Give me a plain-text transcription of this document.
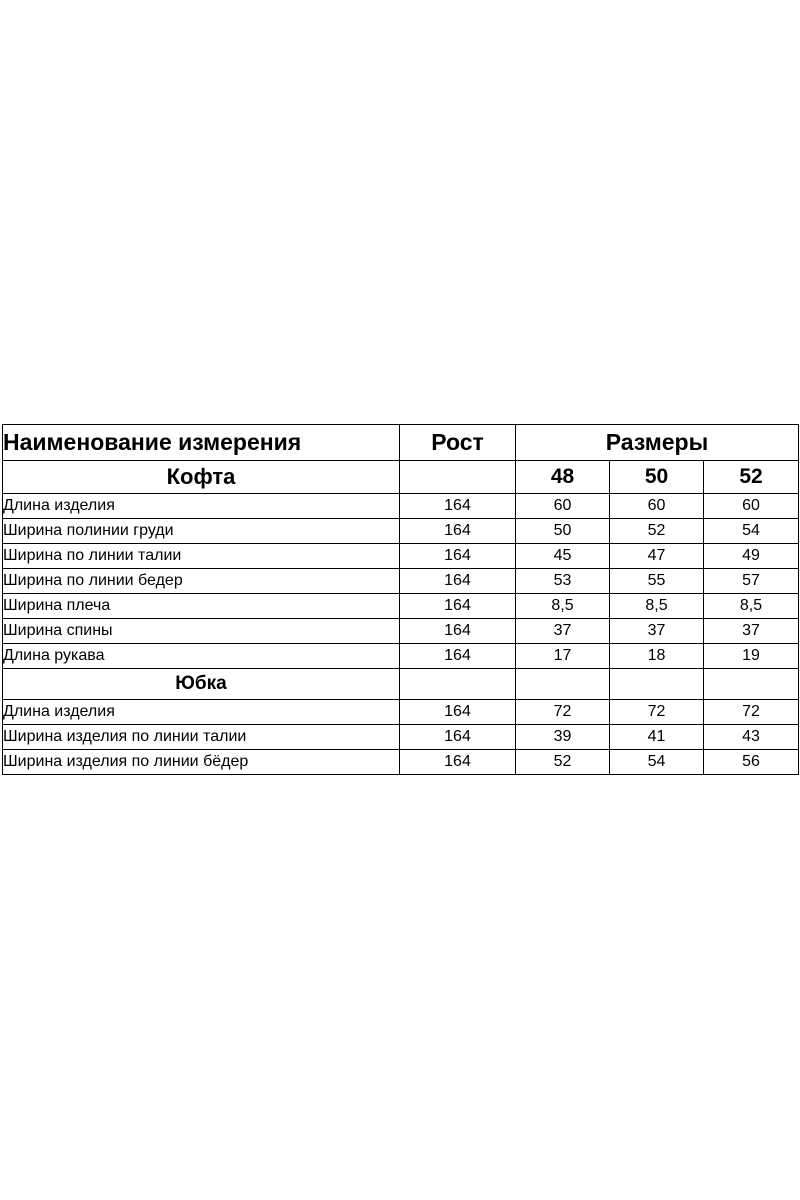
Наименование измерения	Рост	Размеры		
Кофта		48	50	52
Длина изделия	164	60	60	60
Ширина полинии груди	164	50	52	54
Ширина по линии талии	164	45	47	49
Ширина по линии бедер	164	53	55	57
Ширина плеча	164	8,5	8,5	8,5
Ширина спины	164	37	37	37
Длина рукава	164	17	18	19
Юбка				
Длина изделия	164	72	72	72
Ширина изделия по линии талии	164	39	41	43
Ширина изделия по линии бёдер	164	52	54	56
